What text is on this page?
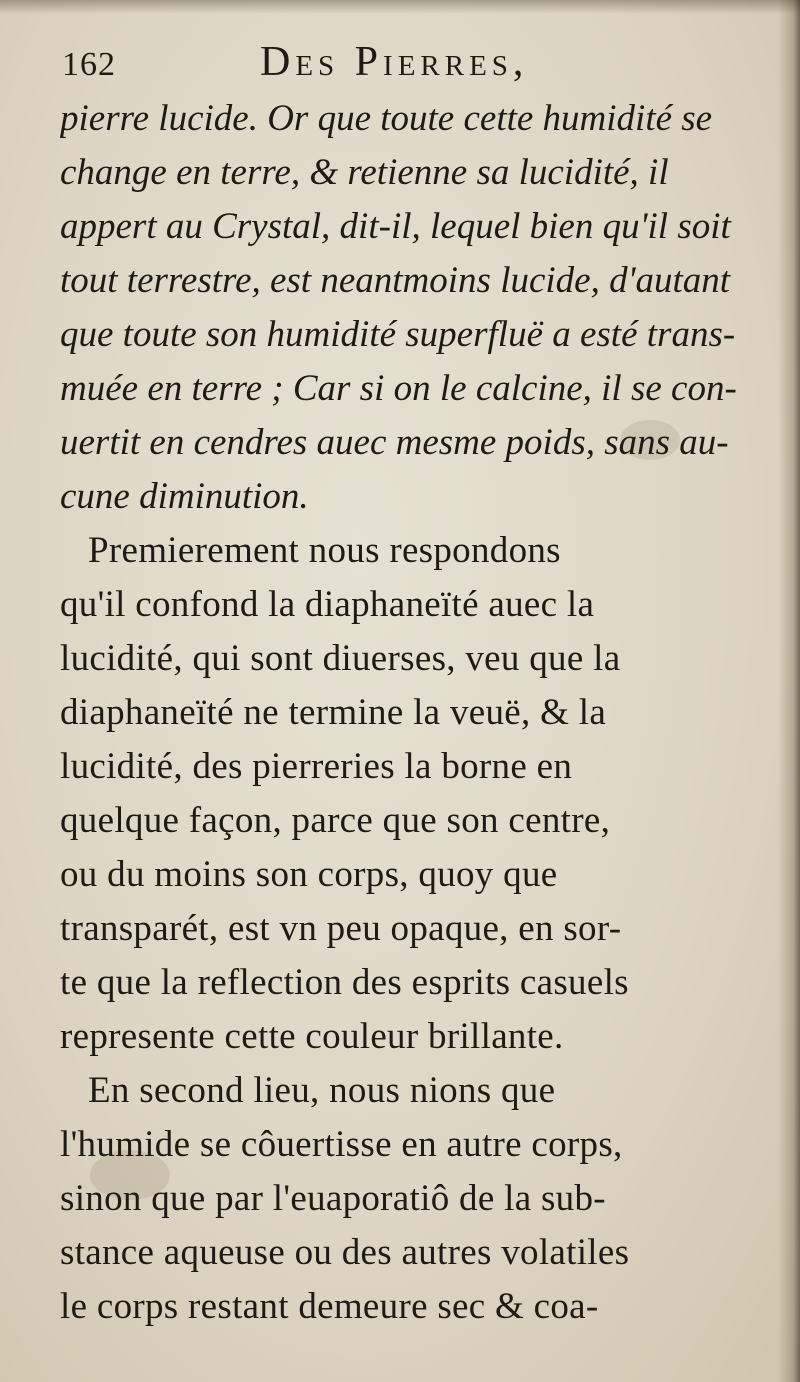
162	Des Pierres,
pierre lucide. Or que toute cette humidité se
change en terre, & retienne sa lucidité, il
appert au Crystal, dit-il, lequel bien qu'il soit
tout terrestre, est neantmoins lucide, d'autant
que toute son humidité superfluë a esté trans-
muée en terre ; Car si on le calcine, il se con-
uertit en cendres auec mesme poids, sans au-
cune diminution.
Premierement nous respondons
qu'il confond la diaphaneïté auec la
lucidité, qui sont diuerses, veu que la
diaphaneïté ne termine la veuë, & la
lucidité, des pierreries la borne en
quelque façon, parce que son centre,
ou du moins son corps, quoy que
transparét, est vn peu opaque, en sor-
te que la reflection des esprits casuels
represente cette couleur brillante.
En second lieu, nous nions que
l'humide se côuertisse en autre corps,
sinon que par l'euaporatiô de la sub-
stance aqueuse ou des autres volatiles
le corps restant demeure sec & coa-
